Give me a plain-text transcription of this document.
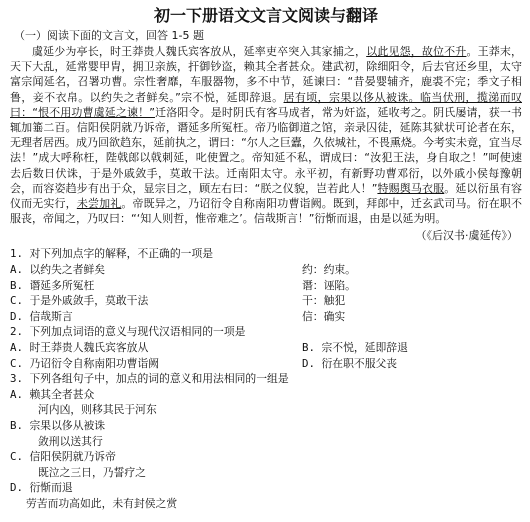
初一下册语文文言文阅读与翻译
（一）阅读下面的文言文，回答 1-5 题
虞延少为亭长，时王莽贵人魏氏宾客放从，延率吏卒突入其家捕之，以此见怨，故位不升。王莽末，天下大乱，延常婴甲胄，拥卫亲族，扞御钞盗，赖其全者甚众。建武初，除细阳令，后去官还乡里，太守富宗闻延名，召署功曹。宗性奢靡，车服器物，多不中节，延谏曰：“昔晏婴辅齐，鹿裘不完；季文子相鲁，妾不衣帛。以约失之者鲜矣。”宗不悦，延即辞退。居有顷，宗果以侈从被诛。临当伏刑，揽涕而叹曰：“恨不用功曹虞延之谏！”迁洛阳令。是时阴氏有客马成者，常为奸盗，延收考之。阴氏屡请，获一书辄加箠二百。信阳侯阴就乃诉帝，谮延多所冤枉。帝乃临御道之馆，亲录囚徒，延陈其狱状可论者在东，无理者居西。成乃回欲趋东，延前执之，谓曰：“尔人之巨蠹，久依城社，不畏熏烧。今考实未竟，宜当尽法！”成大呼称枉，陛戟郎以戟刺延，叱使置之。帝知延不私，谓成曰：“汝犯王法，身自取之！”呵使速去后数日伏诛，于是外戚敛手，莫敢干法。迁南阳太守。永平初，有新野功曹邓衍，以外戚小侯每豫朝会，而容姿趋步有出于众，显宗目之，顾左右曰：“朕之仪貌，岂若此人！”特赐舆马衣服。延以衍虽有容仪而无实行，未尝加礼。帝既异之，乃诏衍令自称南阳功曹诣阙。既到，拜郎中，迁玄武司马。衍在职不服丧，帝闻之，乃叹曰：“‘知人则哲，惟帝难之’。信哉斯言！”衍惭而退，由是以延为明。
（《后汉书·虞延传》）
1. 对下列加点字的解释，不正确的一项是
A. 以约失之者鲜矣	约：约束。
B. 谮延多所冤枉	谮：诬陷。
C. 于是外戚敛手，莫敢干法	干：触犯
D. 信哉斯言	信：确实
2. 下列加点词语的意义与现代汉语相同的一项是
A. 时王莽贵人魏氏宾客放从	B. 宗不悦，延即辞退
C. 乃诏衍令自称南阳功曹诣阙	D. 衍在职不服父丧
3. 下列各组句子中，加点的词的意义和用法相同的一组是
A. 赖其全者甚众
河内凶，则移其民于河东
B. 宗果以侈从被诛
敛刑以送其行
C. 信阳侯阴就乃诉帝
既泣之三日，乃誓疗之
D. 衍惭而退
劳苦而功高如此，未有封侯之赏
